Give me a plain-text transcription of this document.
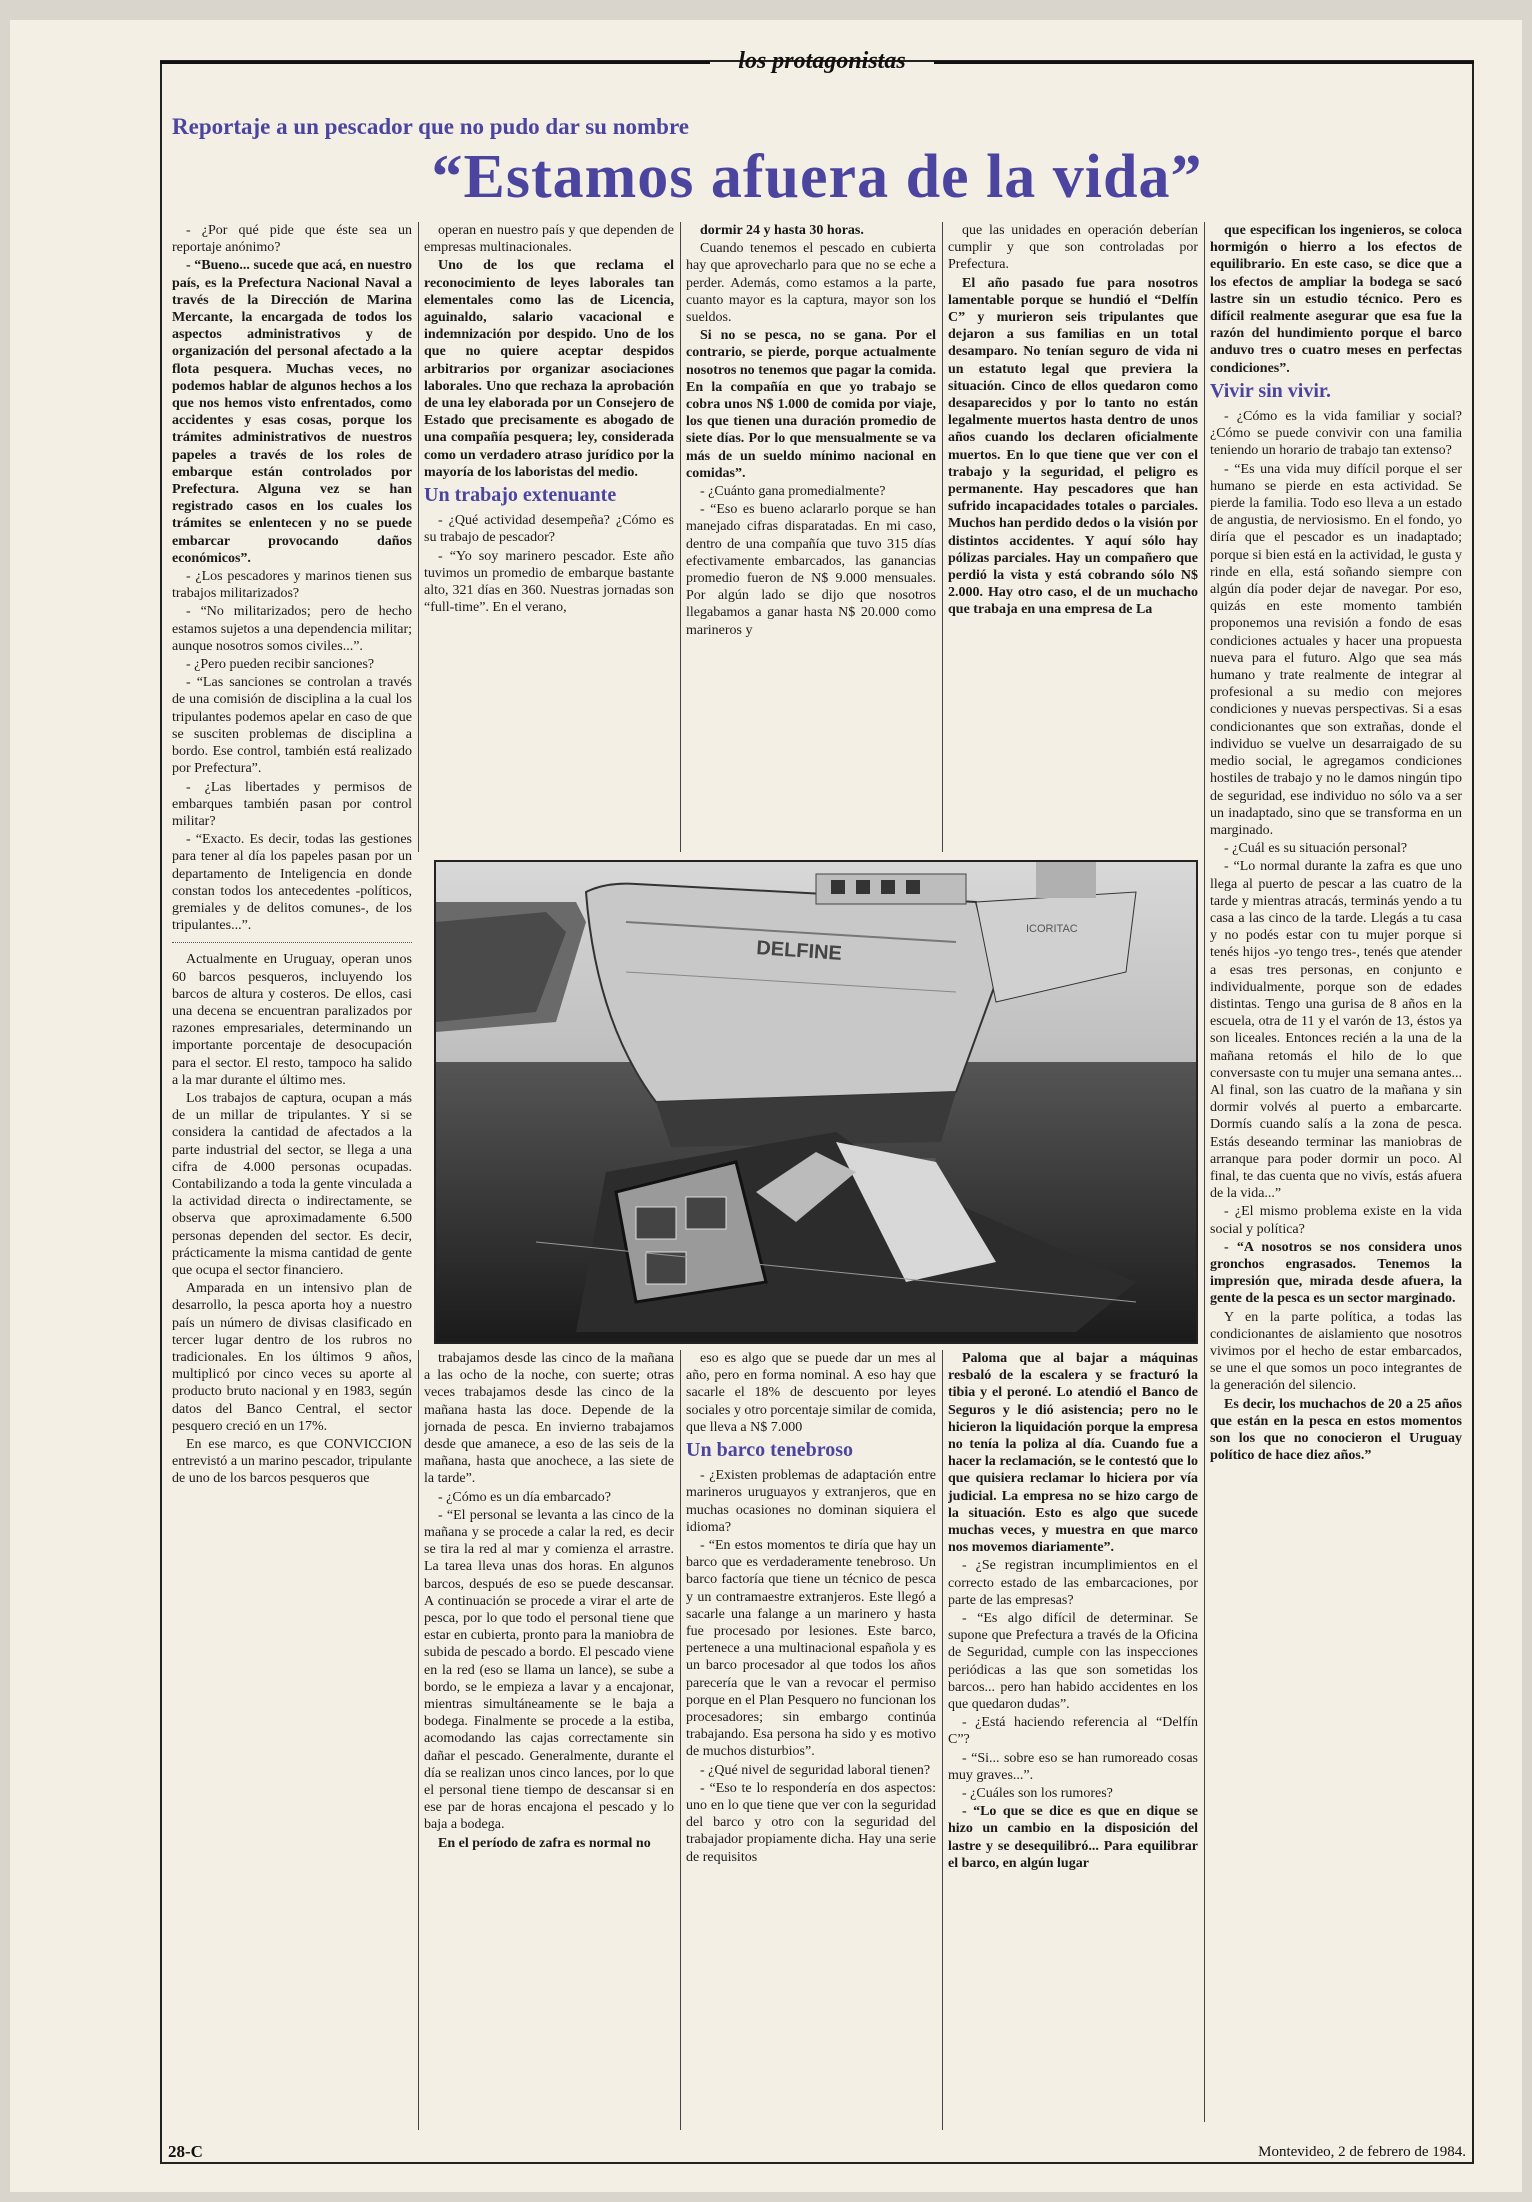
los protagonistas
Reportaje a un pescador que no pudo dar su nombre
“Estamos afuera de la vida”

- ¿Por qué pide que éste sea un reportaje anónimo?

- “Bueno... sucede que acá, en nuestro país, es la Prefectura Nacional Naval a través de la Dirección de Marina Mercante, la encargada de todos los aspectos administrativos y de organización del personal afectado a la flota pesquera. Muchas veces, no podemos hablar de algunos hechos a los que nos hemos visto enfrentados, como accidentes y esas cosas, porque los trámites administrativos de nuestros papeles a través de los roles de embarque están controlados por Prefectura. Alguna vez se han registrado casos en los cuales los trámites se enlentecen y no se puede embarcar provocando daños económicos”.

- ¿Los pescadores y marinos tienen sus trabajos militarizados?

- “No militarizados; pero de hecho estamos sujetos a una dependencia militar; aunque nosotros somos civiles...”.

- ¿Pero pueden recibir sanciones?

- “Las sanciones se controlan a través de una comisión de disciplina a la cual los tripulantes podemos apelar en caso de que se susciten problemas de disciplina a bordo. Ese control, también está realizado por Prefectura”.

- ¿Las libertades y permisos de embarques también pasan por control militar?

- “Exacto. Es decir, todas las gestiones para tener al día los papeles pasan por un departamento de Inteligencia en donde constan todos los antecedentes -políticos, gremiales y de delitos comunes-, de los tripulantes...”.

Actualmente en Uruguay, operan unos 60 barcos pesqueros, incluyendo los barcos de altura y costeros. De ellos, casi una decena se encuentran paralizados por razones empresariales, determinando un importante porcentaje de desocupación para el sector. El resto, tampoco ha salido a la mar durante el último mes.

Los trabajos de captura, ocupan a más de un millar de tripulantes. Y si se considera la cantidad de afectados a la parte industrial del sector, se llega a una cifra de 4.000 personas ocupadas. Contabilizando a toda la gente vinculada a la actividad directa o indirectamente, se observa que aproximadamente 6.500 personas dependen del sector. Es decir, prácticamente la misma cantidad de gente que ocupa el sector financiero.

Amparada en un intensivo plan de desarrollo, la pesca aporta hoy a nuestro país un número de divisas clasificado en tercer lugar dentro de los rubros no tradicionales. En los últimos 9 años, multiplicó por cinco veces su aporte al producto bruto nacional y en 1983, según datos del Banco Central, el sector pesquero creció en un 17%.

En ese marco, es que CONVICCION entrevistó a un marino pescador, tripulante de uno de los barcos pesqueros que

operan en nuestro país y que dependen de empresas multinacionales.

Uno de los que reclama el reconocimiento de leyes laborales tan elementales como las de Licencia, aguinaldo, salario vacacional e indemnización por despido. Uno de los que no quiere aceptar despidos arbitrarios por organizar asociaciones laborales. Uno que rechaza la aprobación de una ley elaborada por un Consejero de Estado que precisamente es abogado de una compañía pesquera; ley, considerada como un verdadero atraso jurídico por la mayoría de los laboristas del medio.

Un trabajo extenuante

- ¿Qué actividad desempeña? ¿Cómo es su trabajo de pescador?

- “Yo soy marinero pescador. Este año tuvimos un promedio de embarque bastante alto, 321 días en 360. Nuestras jornadas son “full-time”. En el verano,

dormir 24 y hasta 30 horas.

Cuando tenemos el pescado en cubierta hay que aprovecharlo para que no se eche a perder. Además, como estamos a la parte, cuanto mayor es la captura, mayor son los sueldos.

Si no se pesca, no se gana. Por el contrario, se pierde, porque actualmente nosotros no tenemos que pagar la comida. En la compañía en que yo trabajo se cobra unos N$ 1.000 de comida por viaje, los que tienen una duración promedio de siete días. Por lo que mensualmente se va más de un sueldo mínimo nacional en comidas”.

- ¿Cuánto gana promedialmente?

- “Eso es bueno aclararlo porque se han manejado cifras disparatadas. En mi caso, dentro de una compañía que tuvo 315 días efectivamente embarcados, las ganancias promedio fueron de N$ 9.000 mensuales. Por algún lado se dijo que nosotros llegabamos a ganar hasta N$ 20.000 como marineros y

que las unidades en operación deberían cumplir y que son controladas por Prefectura.

El año pasado fue para nosotros lamentable porque se hundió el “Delfín C” y murieron seis tripulantes que dejaron a sus familias en un total desamparo. No tenían seguro de vida ni un estatuto legal que previera la situación. Cinco de ellos quedaron como desaparecidos y por lo tanto no están legalmente muertos hasta dentro de unos años cuando los declaren oficialmente muertos. En lo que tiene que ver con el trabajo y la seguridad, el peligro es permanente. Hay pescadores que han sufrido incapacidades totales o parciales. Muchos han perdido dedos o la visión por distintos accidentes. Y aquí sólo hay pólizas parciales. Hay un compañero que perdió la vista y está cobrando sólo N$ 2.000. Hay otro caso, el de un muchacho que trabaja en una empresa de La

que especifican los ingenieros, se coloca hormigón o hierro a los efectos de equilibrario. En este caso, se dice que a los efectos de ampliar la bodega se sacó lastre sin un estudio técnico. Pero es difícil realmente asegurar que esa fue la razón del hundimiento porque el barco anduvo tres o cuatro meses en perfectas condiciones”.

Vivir sin vivir.

- ¿Cómo es la vida familiar y social? ¿Cómo se puede convivir con una familia teniendo un horario de trabajo tan extenso?

- “Es una vida muy difícil porque el ser humano se pierde en esta actividad. Se pierde la familia. Todo eso lleva a un estado de angustia, de nerviosismo. En el fondo, yo diría que el pescador es un inadaptado; porque si bien está en la actividad, le gusta y rinde en ella, está soñando siempre con algún día poder dejar de navegar. Por eso, quizás en este momento también proponemos una revisión a fondo de esas condiciones actuales y hacer una propuesta nueva para el futuro. Algo que sea más humano y trate realmente de integrar al profesional a su medio con mejores condiciones y nuevas perspectivas. Si a esas condicionantes que son extrañas, donde el individuo se vuelve un desarraigado de su medio social, le agregamos condiciones hostiles de trabajo y no le damos ningún tipo de seguridad, ese individuo no sólo va a ser un inadaptado, sino que se transforma en un marginado.

- ¿Cuál es su situación personal?

- “Lo normal durante la zafra es que uno llega al puerto de pescar a las cuatro de la tarde y mientras atracás, terminás yendo a tu casa a las cinco de la tarde. Llegás a tu casa y no podés estar con tu mujer porque si tenés hijos -yo tengo tres-, tenés que atender a esas tres personas, en conjunto e individualmente, porque son de edades distintas. Tengo una gurisa de 8 años en la escuela, otra de 11 y el varón de 13, éstos ya son liceales. Entonces recién a la una de la mañana retomás el hilo de lo que conversaste con tu mujer una semana antes... Al final, son las cuatro de la mañana y sin dormir volvés al puerto a embarcarte. Dormís cuando salís a la zona de pesca. Estás deseando terminar las maniobras de arranque para poder dormir un poco. Al final, te das cuenta que no vivís, estás afuera de la vida...”

- ¿El mismo problema existe en la vida social y política?

- “A nosotros se nos considera unos gronchos engrasados. Tenemos la impresión que, mirada desde afuera, la gente de la pesca es un sector marginado.

Y en la parte política, a todas las condicionantes de aislamiento que nosotros vivimos por el hecho de estar embarcados, se une el que somos un poco integrantes de la generación del silencio.

Es decir, los muchachos de 20 a 25 años que están en la pesca en estos momentos son los que no conocieron el Uruguay político de hace diez años.”

DELFINE
ICORITAC

trabajamos desde las cinco de la mañana a las ocho de la noche, con suerte; otras veces trabajamos desde las cinco de la mañana hasta las doce. Depende de la jornada de pesca. En invierno trabajamos desde que amanece, a eso de las seis de la mañana, hasta que anochece, a las siete de la tarde”.

- ¿Cómo es un día embarcado?

- “El personal se levanta a las cinco de la mañana y se procede a calar la red, es decir se tira la red al mar y comienza el arrastre. La tarea lleva unas dos horas. En algunos barcos, después de eso se puede descansar. A continuación se procede a virar el arte de pesca, por lo que todo el personal tiene que estar en cubierta, pronto para la maniobra de subida de pescado a bordo. El pescado viene en la red (eso se llama un lance), se sube a bordo, se le empieza a lavar y a encajonar, mientras simultáneamente se le baja a bodega. Finalmente se procede a la estiba, acomodando las cajas correctamente sin dañar el pescado. Generalmente, durante el día se realizan unos cinco lances, por lo que el personal tiene tiempo de descansar si en ese par de horas encajona el pescado y lo baja a bodega.

En el período de zafra es normal no

eso es algo que se puede dar un mes al año, pero en forma nominal. A eso hay que sacarle el 18% de descuento por leyes sociales y otro porcentaje similar de comida, que lleva a N$ 7.000

Un barco tenebroso

- ¿Existen problemas de adaptación entre marineros uruguayos y extranjeros, que en muchas ocasiones no dominan siquiera el idioma?

- “En estos momentos te diría que hay un barco que es verdaderamente tenebroso. Un barco factoría que tiene un técnico de pesca y un contramaestre extranjeros. Este llegó a sacarle una falange a un marinero y hasta fue procesado por lesiones. Este barco, pertenece a una multinacional española y es un barco procesador al que todos los años parecería que le van a revocar el permiso porque en el Plan Pesquero no funcionan los procesadores; sin embargo continúa trabajando. Esa persona ha sido y es motivo de muchos disturbios”.

- ¿Qué nivel de seguridad laboral tienen?

- “Eso te lo respondería en dos aspectos: uno en lo que tiene que ver con la seguridad del barco y otro con la seguridad del trabajador propiamente dicha. Hay una serie de requisitos

Paloma que al bajar a máquinas resbaló de la escalera y se fracturó la tibia y el peroné. Lo atendió el Banco de Seguros y le dió asistencia; pero no le hicieron la liquidación porque la empresa no tenía la poliza al día. Cuando fue a hacer la reclamación, se le contestó que lo que quisiera reclamar lo hiciera por vía judicial. La empresa no se hizo cargo de la situación. Esto es algo que sucede muchas veces, y muestra en que marco nos movemos diariamente”.

- ¿Se registran incumplimientos en el correcto estado de las embarcaciones, por parte de las empresas?

- “Es algo difícil de determinar. Se supone que Prefectura a través de la Oficina de Seguridad, cumple con las inspecciones periódicas a las que son sometidas los barcos... pero han habido accidentes en los que quedaron dudas”.

- ¿Está haciendo referencia al “Delfín C”?

- “Si... sobre eso se han rumoreado cosas muy graves...”.

- ¿Cuáles son los rumores?

- “Lo que se dice es que en dique se hizo un cambio en la disposición del lastre y se desequilibró... Para equilibrar el barco, en algún lugar

28-C	Montevideo, 2 de febrero de 1984.
